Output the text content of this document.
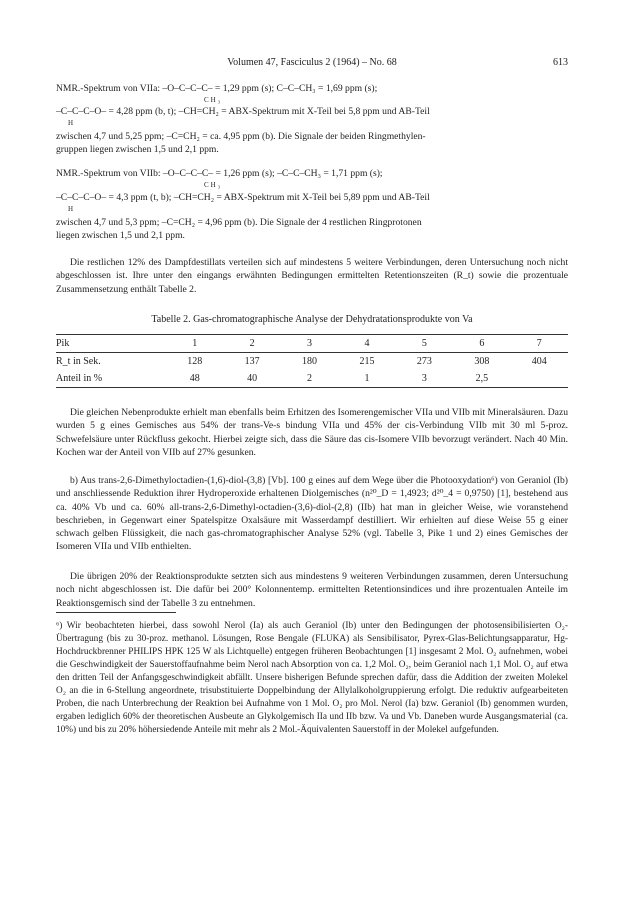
Volumen 47, Fasciculus 2 (1964) – No. 68	613
NMR.-Spektrum von VIIa: –O–C–C–C– = 1,29 ppm (s); C–C–CH₃ = 1,69 ppm (s);
CH₃
–C–C–C–O– = 4,28 ppm (b, t); –CH=CH₂ = ABX-Spektrum mit X-Teil bei 5,8 ppm und AB-Teil
H
zwischen 4,7 und 5,25 ppm; –C=CH₂ = ca. 4,95 ppm (b). Die Signale der beiden Ringmethylen-
gruppen liegen zwischen 1,5 und 2,1 ppm.
NMR.-Spektrum von VIIb: –O–C–C–C– = 1,26 ppm (s); –C–C–CH₃ = 1,71 ppm (s);
CH₃
–C–C–C–O– = 4,3 ppm (t, b); –CH=CH₂ = ABX-Spektrum mit X-Teil bei 5,89 ppm und AB-Teil
H
zwischen 4,7 und 5,3 ppm; –C=CH₂ = 4,96 ppm (b). Die Signale der 4 restlichen Ringprotonen
liegen zwischen 1,5 und 2,1 ppm.
Die restlichen 12% des Dampfdestillats verteilen sich auf mindestens 5 weitere Verbindungen, deren Untersuchung noch nicht abgeschlossen ist. Ihre unter den eingangs erwähnten Bedingungen ermittelten Retentionszeiten (R_t) sowie die prozentuale Zusammensetzung enthält Tabelle 2.
Tabelle 2. Gas-chromatographische Analyse der Dehydratationsprodukte von Va
Pik	1	2	3	4	5	6	7
R_t in Sek.	128	137	180	215	273	308	404
Anteil in %	48	40	2	1	3	2,5	
Die gleichen Nebenprodukte erhielt man ebenfalls beim Erhitzen des Isomerengemischer VIIa und VIIb mit Mineralsäuren. Dazu wurden 5 g eines Gemisches aus 54% der trans-Ve-s bindung VIIa und 45% der cis-Verbindung VIIb mit 30 ml 5-proz. Schwefelsäure unter Rückfluss gekocht. Hierbei zeigte sich, dass die Säure das cis-Isomere VIIb bevorzugt verändert. Nach 40 Min. Kochen war der Anteil von VIIb auf 27% gesunken.
b) Aus trans-2,6-Dimethyloctadien-(1,6)-diol-(3,8) [Vb]. 100 g eines auf dem Wege über die Photooxydation⁶) von Geraniol (Ib) und anschliessende Reduktion ihrer Hydroperoxide erhaltenen Diolgemisches (n²⁰_D = 1,4923; d²⁰_4 = 0,9750) [1], bestehend aus ca. 40% Vb und ca. 60% all-trans-2,6-Dimethyl-octadien-(3,6)-diol-(2,8) (IIb) hat man in gleicher Weise, wie voranstehend beschrieben, in Gegenwart einer Spatelspitze Oxalsäure mit Wasserdampf destilliert. Wir erhielten auf diese Weise 55 g einer schwach gelben Flüssigkeit, die nach gas-chromatographischer Analyse 52% (vgl. Tabelle 3, Pike 1 und 2) eines Gemisches der Isomeren VIIa und VIIb enthielten.
Die übrigen 20% der Reaktionsprodukte setzten sich aus mindestens 9 weiteren Verbindungen zusammen, deren Untersuchung noch nicht abgeschlossen ist. Die dafür bei 200° Kolonnentemp. ermittelten Retentionsindices und ihre prozentualen Anteile im Reaktionsgemisch sind der Tabelle 3 zu entnehmen.
⁶) Wir beobachteten hierbei, dass sowohl Nerol (Ia) als auch Geraniol (Ib) unter den Bedingungen der photosensibilisierten O₂-Übertragung (bis zu 30-proz. methanol. Lösungen, Rose Bengale (FLUKA) als Sensibilisator, Pyrex-Glas-Belichtungsapparatur, Hg-Hochdruckbrenner PHILIPS HPK 125 W als Lichtquelle) entgegen früheren Beobachtungen [1] insgesamt 2 Mol. O₂ aufnehmen, wobei die Geschwindigkeit der Sauerstoffaufnahme beim Nerol nach Absorption von ca. 1,2 Mol. O₂, beim Geraniol nach 1,1 Mol. O₂ auf etwa den dritten Teil der Anfangsgeschwindigkeit abfällt. Unsere bisherigen Befunde sprechen dafür, dass die Addition der zweiten Molekel O₂ an die in 6-Stellung angeordnete, trisubstituierte Doppelbindung der Allylalkoholgruppierung erfolgt. Die reduktiv aufgearbeiteten Proben, die nach Unterbrechung der Reaktion bei Aufnahme von 1 Mol. O₂ pro Mol. Nerol (Ia) bzw. Geraniol (Ib) genommen wurden, ergaben lediglich 60% der theoretischen Ausbeute an Glykolgemisch IIa und IIb bzw. Va und Vb. Daneben wurde Ausgangsmaterial (ca. 10%) und bis zu 20% höhersiedende Anteile mit mehr als 2 Mol.-Äquivalenten Sauerstoff in der Molekel aufgefunden.
